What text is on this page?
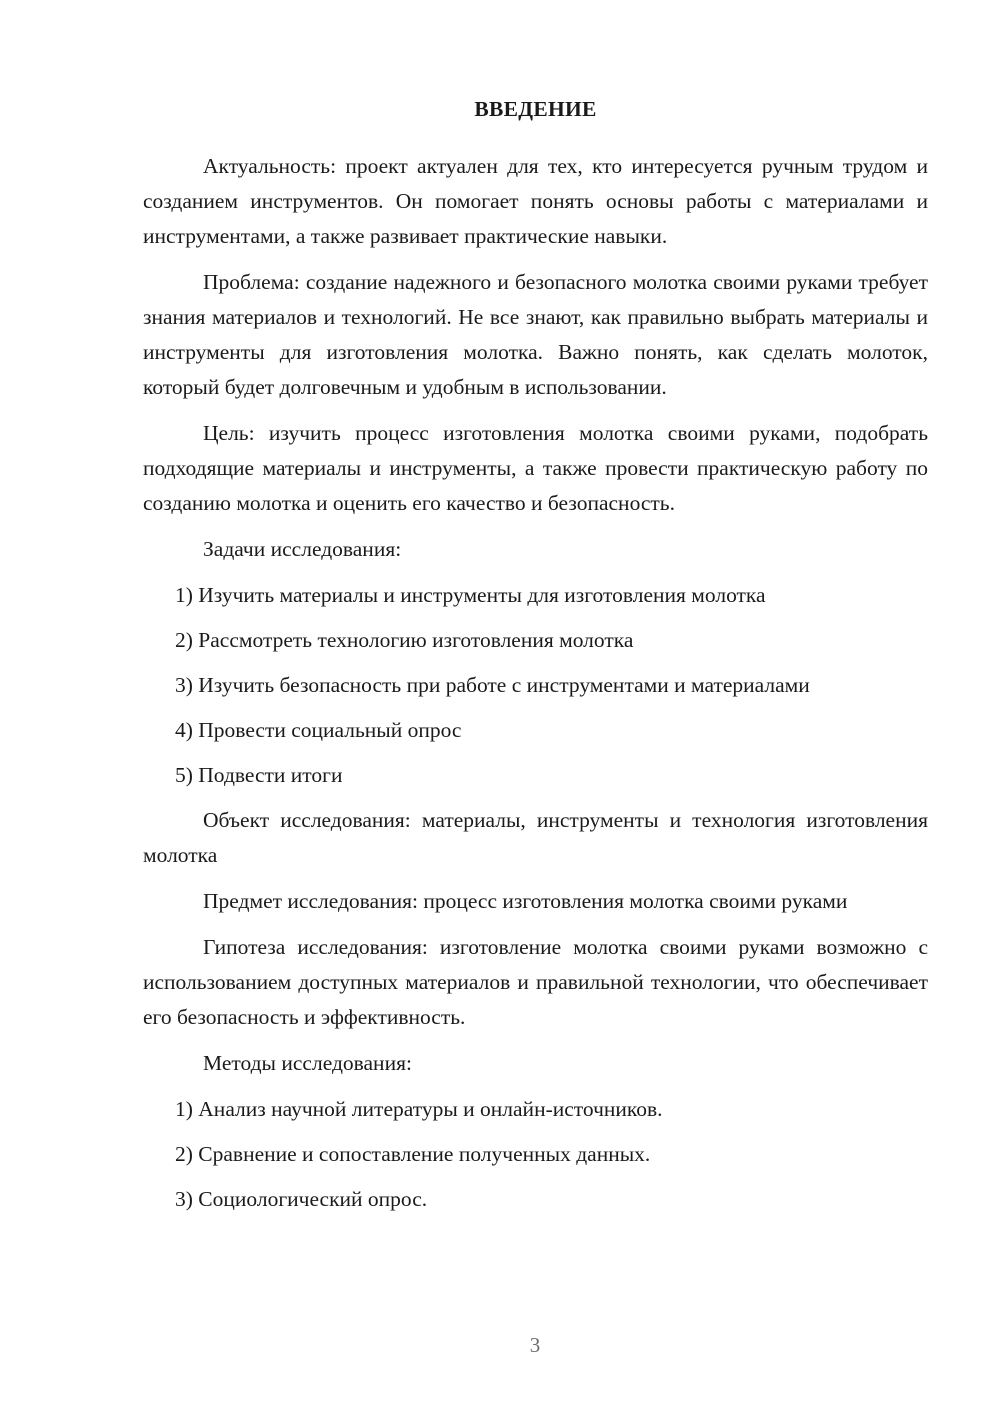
ВВЕДЕНИЕ

Актуальность: проект актуален для тех, кто интересуется ручным трудом и созданием инструментов. Он помогает понять основы работы с материалами и инструментами, а также развивает практические навыки.

Проблема: создание надежного и безопасного молотка своими руками требует знания материалов и технологий. Не все знают, как правильно выбрать материалы и инструменты для изготовления молотка. Важно понять, как сделать молоток, который будет долговечным и удобным в использовании.

Цель: изучить процесс изготовления молотка своими руками, подобрать подходящие материалы и инструменты, а также провести практическую работу по созданию молотка и оценить его качество и безопасность.

Задачи исследования:

1) Изучить материалы и инструменты для изготовления молотка

2) Рассмотреть технологию изготовления молотка

3) Изучить безопасность при работе с инструментами и материалами

4) Провести социальный опрос

5) Подвести итоги

Объект исследования: материалы, инструменты и технология изготовления молотка

Предмет исследования: процесс изготовления молотка своими руками

Гипотеза исследования: изготовление молотка своими руками возможно с использованием доступных материалов и правильной технологии, что обеспечивает его безопасность и эффективность.

Методы исследования:

1) Анализ научной литературы и онлайн-источников.

2) Сравнение и сопоставление полученных данных.

3) Социологический опрос.

3
